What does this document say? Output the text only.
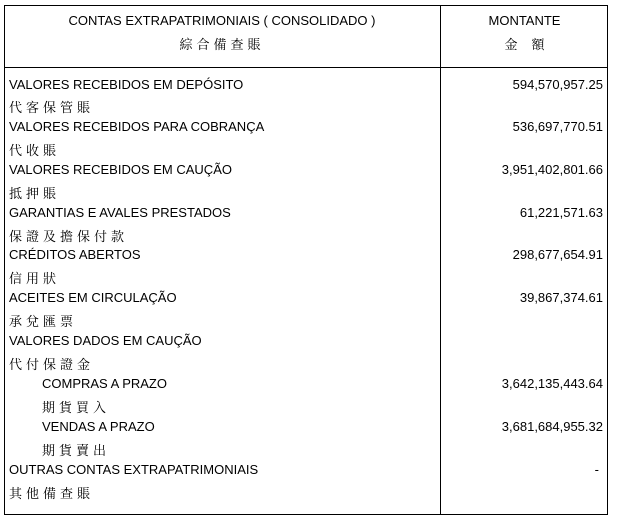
CONTAS EXTRAPATRIMONIAIS ( CONSOLIDADO )
綜合備查賬
MONTANTE
金額
VALORES RECEBIDOS EM DEPÓSITO	594,570,957.25
代客保管賬
VALORES RECEBIDOS PARA COBRANÇA	536,697,770.51
代收賬
VALORES RECEBIDOS EM CAUÇÃO	3,951,402,801.66
抵押賬
GARANTIAS E AVALES PRESTADOS	61,221,571.63
保證及擔保付款
CRÉDITOS ABERTOS	298,677,654.91
信用狀
ACEITES EM CIRCULAÇÃO	39,867,374.61
承兌匯票
VALORES DADOS EM CAUÇÃO
代付保證金
COMPRAS A PRAZO	3,642,135,443.64
期貨買入
VENDAS A PRAZO	3,681,684,955.32
期貨賣出
OUTRAS CONTAS EXTRAPATRIMONIAIS	-
其他備查賬
